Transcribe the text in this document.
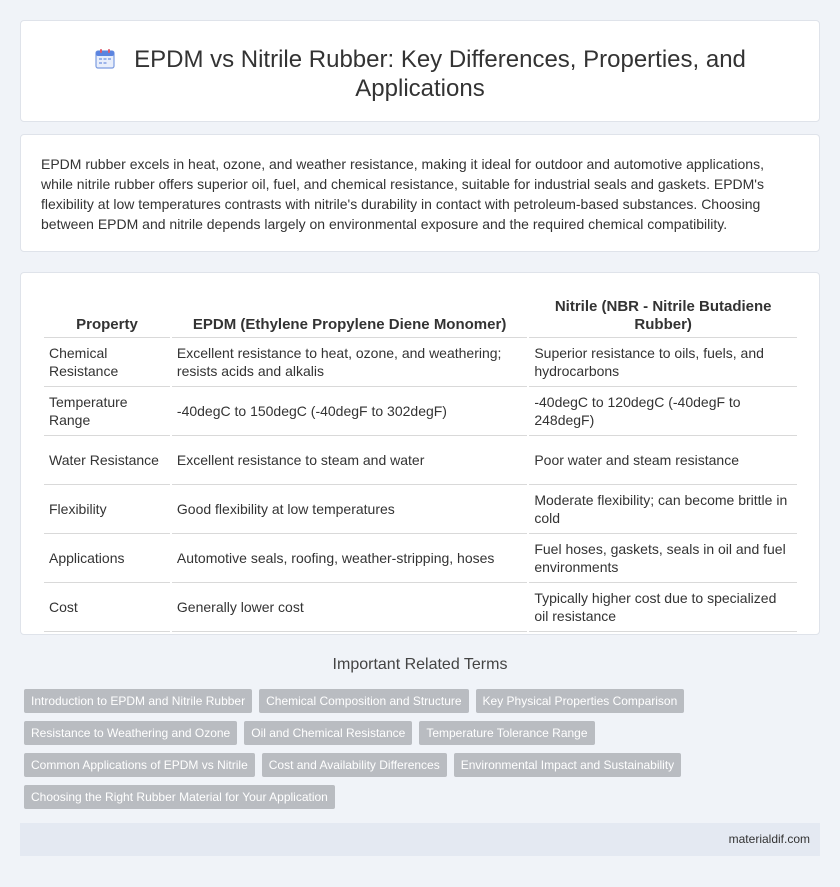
EPDM vs Nitrile Rubber: Key Differences, Properties, and Applications

EPDM rubber excels in heat, ozone, and weather resistance, making it ideal for outdoor and automotive applications, while nitrile rubber offers superior oil, fuel, and chemical resistance, suitable for industrial seals and gaskets. EPDM's flexibility at low temperatures contrasts with nitrile's durability in contact with petroleum-based substances. Choosing between EPDM and nitrile depends largely on environmental exposure and the required chemical compatibility.

Property	EPDM (Ethylene Propylene Diene Monomer)	Nitrile (NBR - Nitrile Butadiene Rubber)
Chemical Resistance	Excellent resistance to heat, ozone, and weathering; resists acids and alkalis	Superior resistance to oils, fuels, and hydrocarbons
Temperature Range	-40degC to 150degC (-40degF to 302degF)	-40degC to 120degC (-40degF to 248degF)
Water Resistance	Excellent resistance to steam and water	Poor water and steam resistance
Flexibility	Good flexibility at low temperatures	Moderate flexibility; can become brittle in cold
Applications	Automotive seals, roofing, weather-stripping, hoses	Fuel hoses, gaskets, seals in oil and fuel environments
Cost	Generally lower cost	Typically higher cost due to specialized oil resistance
Important Related Terms
Introduction to EPDM and Nitrile Rubber	Chemical Composition and Structure	Key Physical Properties Comparison
Resistance to Weathering and Ozone	Oil and Chemical Resistance	Temperature Tolerance Range
Common Applications of EPDM vs Nitrile	Cost and Availability Differences	Environmental Impact and Sustainability
Choosing the Right Rubber Material for Your Application
materialdif.com
